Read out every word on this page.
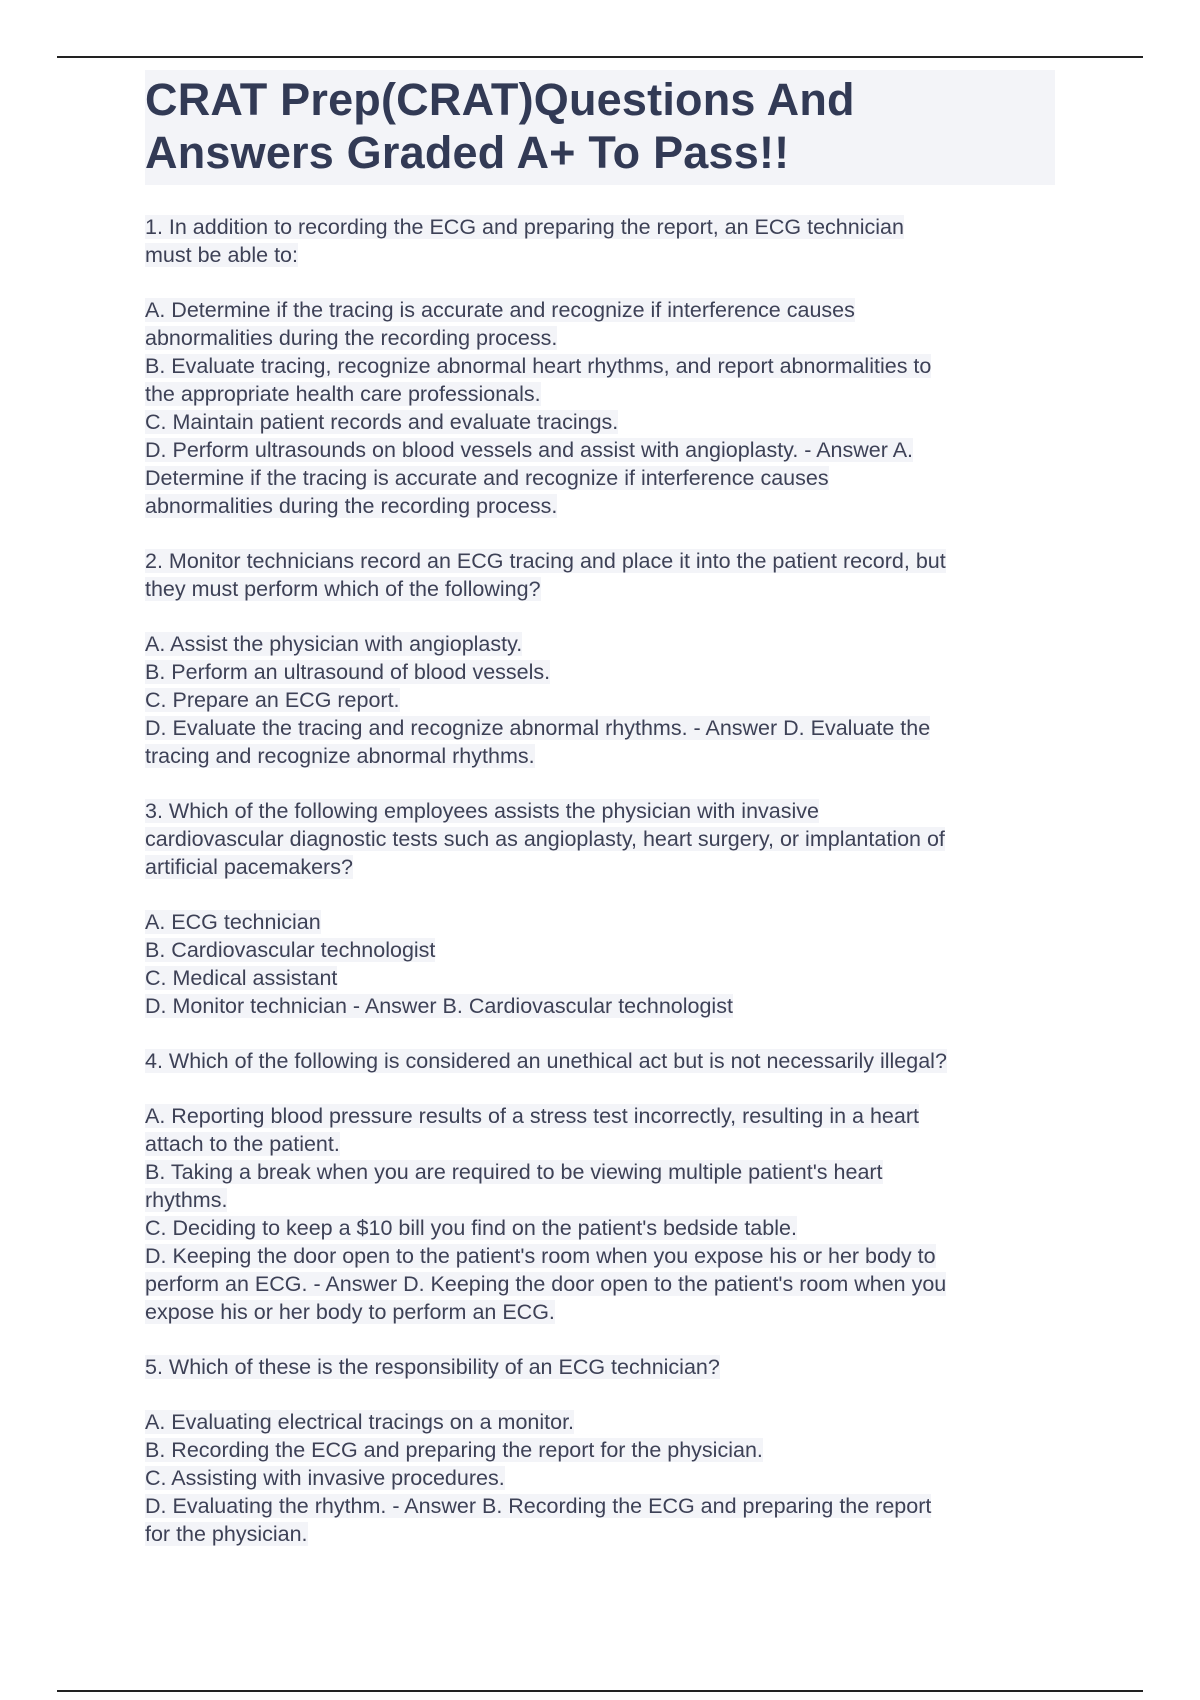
CRAT Prep(CRAT)Questions And
Answers Graded A+ To Pass!!
1. In addition to recording the ECG and preparing the report, an ECG technician
must be able to:
A. Determine if the tracing is accurate and recognize if interference causes
abnormalities during the recording process.
B. Evaluate tracing, recognize abnormal heart rhythms, and report abnormalities to
the appropriate health care professionals.
C. Maintain patient records and evaluate tracings.
D. Perform ultrasounds on blood vessels and assist with angioplasty. - Answer A.
Determine if the tracing is accurate and recognize if interference causes
abnormalities during the recording process.
2. Monitor technicians record an ECG tracing and place it into the patient record, but
they must perform which of the following?
A. Assist the physician with angioplasty.
B. Perform an ultrasound of blood vessels.
C. Prepare an ECG report.
D. Evaluate the tracing and recognize abnormal rhythms. - Answer D. Evaluate the
tracing and recognize abnormal rhythms.
3. Which of the following employees assists the physician with invasive
cardiovascular diagnostic tests such as angioplasty, heart surgery, or implantation of
artificial pacemakers?
A. ECG technician
B. Cardiovascular technologist
C. Medical assistant
D. Monitor technician - Answer B. Cardiovascular technologist
4. Which of the following is considered an unethical act but is not necessarily illegal?
A. Reporting blood pressure results of a stress test incorrectly, resulting in a heart
attach to the patient.
B. Taking a break when you are required to be viewing multiple patient's heart
rhythms.
C. Deciding to keep a $10 bill you find on the patient's bedside table.
D. Keeping the door open to the patient's room when you expose his or her body to
perform an ECG. - Answer D. Keeping the door open to the patient's room when you
expose his or her body to perform an ECG.
5. Which of these is the responsibility of an ECG technician?
A. Evaluating electrical tracings on a monitor.
B. Recording the ECG and preparing the report for the physician.
C. Assisting with invasive procedures.
D. Evaluating the rhythm. - Answer B. Recording the ECG and preparing the report
for the physician.
